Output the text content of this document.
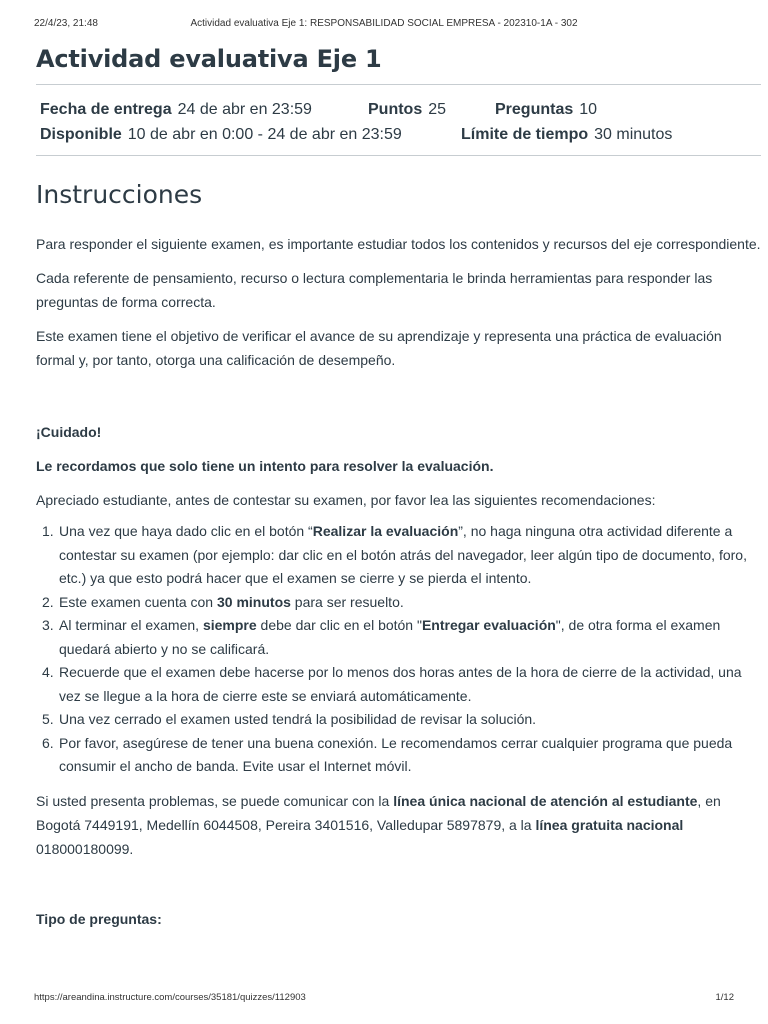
22/4/23, 21:48	Actividad evaluativa Eje 1: RESPONSABILIDAD SOCIAL EMPRESA - 202310-1A - 302
Actividad evaluativa Eje 1
Fecha de entrega 24 de abr en 23:59	Puntos 25	Preguntas 10
Disponible 10 de abr en 0:00 - 24 de abr en 23:59	Límite de tiempo 30 minutos
Instrucciones

Para responder el siguiente examen, es importante estudiar todos los contenidos y recursos del eje correspondiente.

Cada referente de pensamiento, recurso o lectura complementaria le brinda herramientas para responder las preguntas de forma correcta.

Este examen tiene el objetivo de verificar el avance de su aprendizaje y representa una práctica de evaluación formal y, por tanto, otorga una calificación de desempeño.

¡Cuidado!

Le recordamos que solo tiene un intento para resolver la evaluación.

Apreciado estudiante, antes de contestar su examen, por favor lea las siguientes recomendaciones:

1. Una vez que haya dado clic en el botón “Realizar la evaluación”, no haga ninguna otra actividad diferente a contestar su examen (por ejemplo: dar clic en el botón atrás del navegador, leer algún tipo de documento, foro, etc.) ya que esto podrá hacer que el examen se cierre y se pierda el intento.
2. Este examen cuenta con 30 minutos para ser resuelto.
3. Al terminar el examen, siempre debe dar clic en el botón "Entregar evaluación", de otra forma el examen quedará abierto y no se calificará.
4. Recuerde que el examen debe hacerse por lo menos dos horas antes de la hora de cierre de la actividad, una vez se llegue a la hora de cierre este se enviará automáticamente.
5. Una vez cerrado el examen usted tendrá la posibilidad de revisar la solución.
6. Por favor, asegúrese de tener una buena conexión. Le recomendamos cerrar cualquier programa que pueda consumir el ancho de banda. Evite usar el Internet móvil.

Si usted presenta problemas, se puede comunicar con la línea única nacional de atención al estudiante, en Bogotá 7449191, Medellín 6044508, Pereira 3401516, Valledupar 5897879, a la línea gratuita nacional 018000180099.

Tipo de preguntas:

https://areandina.instructure.com/courses/35181/quizzes/112903	1/12
